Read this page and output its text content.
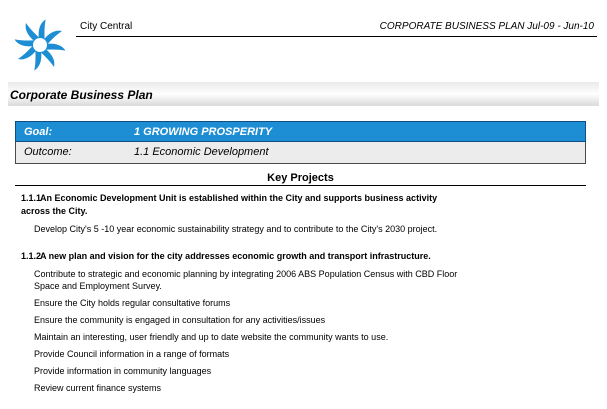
City Central	CORPORATE BUSINESS PLAN Jul-09 - Jun-10
Corporate Business Plan
Goal:	1 GROWING PROSPERITY
Outcome:	1.1 Economic Development
Key Projects

1.1.1An Economic Development Unit is established within the City and supports business activity

across the City.

Develop City's 5 -10 year economic sustainability strategy and to contribute to the City's 2030 project.

1.1.2A new plan and vision for the city addresses economic growth and transport infrastructure.

Contribute to strategic and economic planning by integrating 2006 ABS Population Census with CBD Floor

Space and Employment Survey.

Ensure the City holds regular consultative forums

Ensure the community is engaged in consultation for any activities/issues

Maintain an interesting, user friendly and up to date website the community wants to use.

Provide Council information in a range of formats

Provide information in community languages

Review current finance systems
